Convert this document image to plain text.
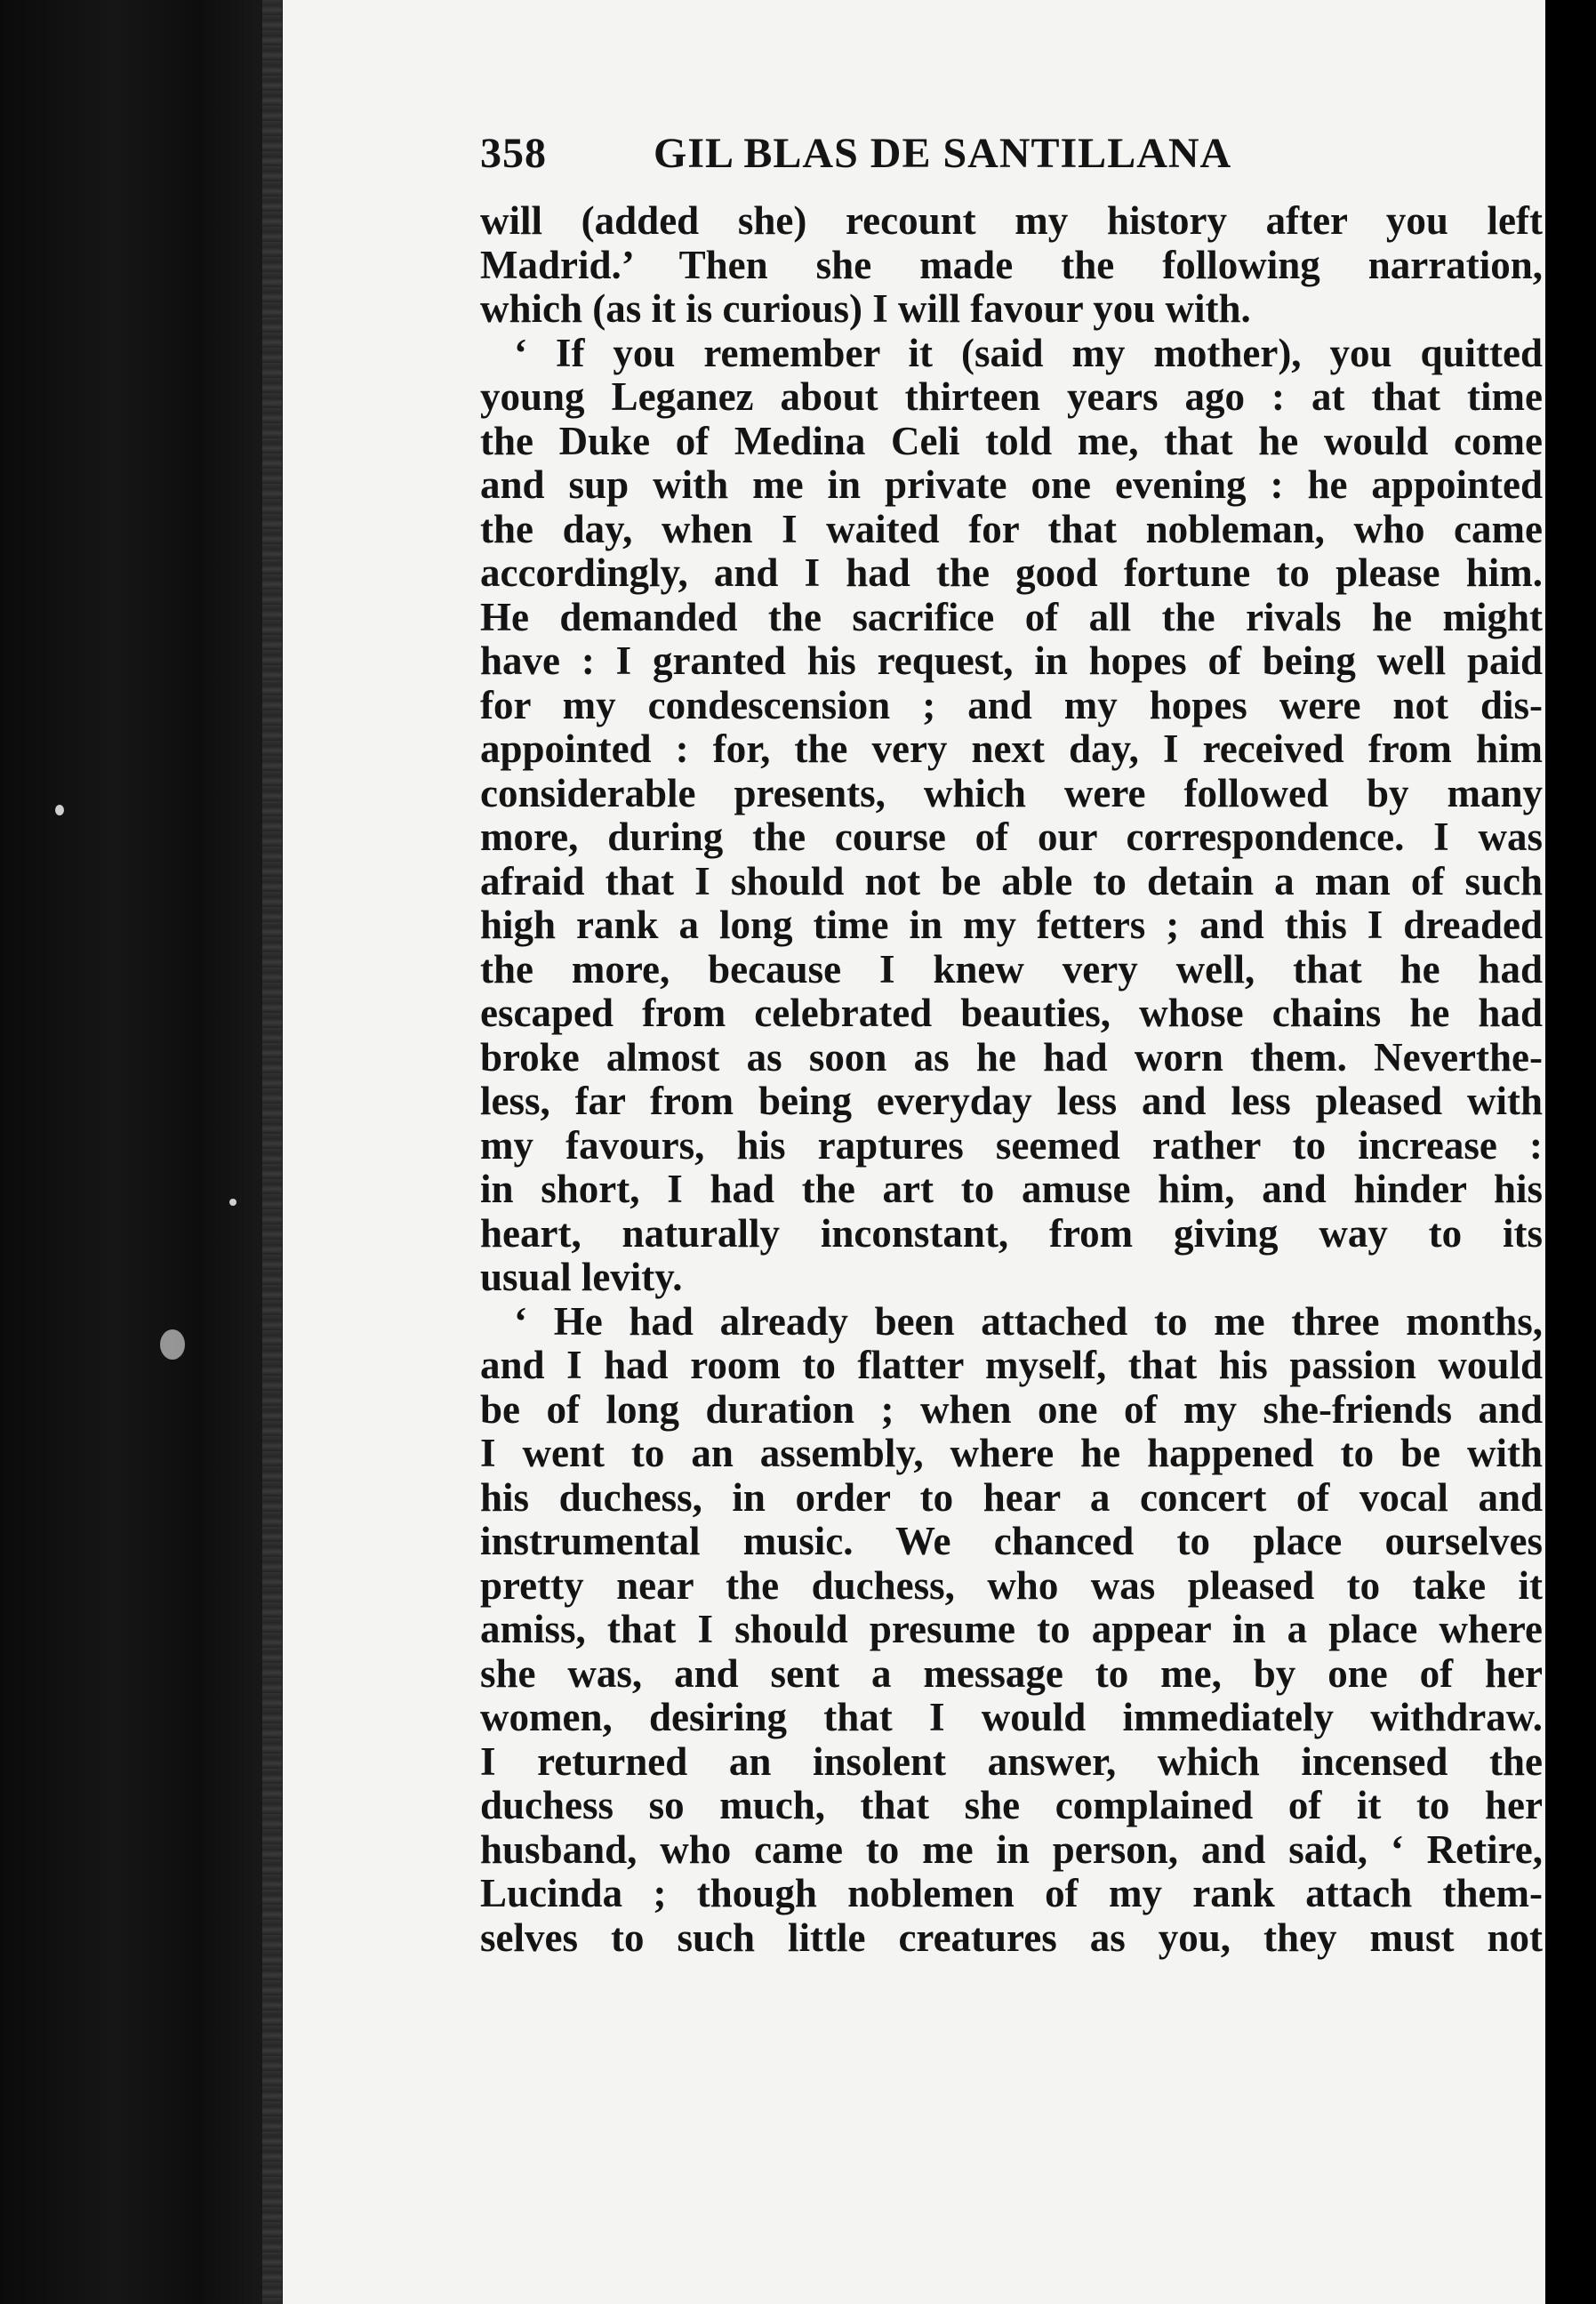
358	GIL BLAS DE SANTILLANA
will (added she) recount my history after you left
Madrid.’ Then she made the following narration,
which (as it is curious) I will favour you with.
‘ If you remember it (said my mother), you quitted
young Leganez about thirteen years ago : at that time
the Duke of Medina Celi told me, that he would come
and sup with me in private one evening : he appointed
the day, when I waited for that nobleman, who came
accordingly, and I had the good fortune to please him.
He demanded the sacrifice of all the rivals he might
have : I granted his request, in hopes of being well paid
for my condescension ; and my hopes were not dis-
appointed : for, the very next day, I received from him
considerable presents, which were followed by many
more, during the course of our correspondence. I was
afraid that I should not be able to detain a man of such
high rank a long time in my fetters ; and this I dreaded
the more, because I knew very well, that he had
escaped from celebrated beauties, whose chains he had
broke almost as soon as he had worn them. Neverthe-
less, far from being everyday less and less pleased with
my favours, his raptures seemed rather to increase :
in short, I had the art to amuse him, and hinder his
heart, naturally inconstant, from giving way to its
usual levity.
‘ He had already been attached to me three months,
and I had room to flatter myself, that his passion would
be of long duration ; when one of my she-friends and
I went to an assembly, where he happened to be with
his duchess, in order to hear a concert of vocal and
instrumental music. We chanced to place ourselves
pretty near the duchess, who was pleased to take it
amiss, that I should presume to appear in a place where
she was, and sent a message to me, by one of her
women, desiring that I would immediately withdraw.
I returned an insolent answer, which incensed the
duchess so much, that she complained of it to her
husband, who came to me in person, and said, ‘ Retire,
Lucinda ; though noblemen of my rank attach them-
selves to such little creatures as you, they must not
